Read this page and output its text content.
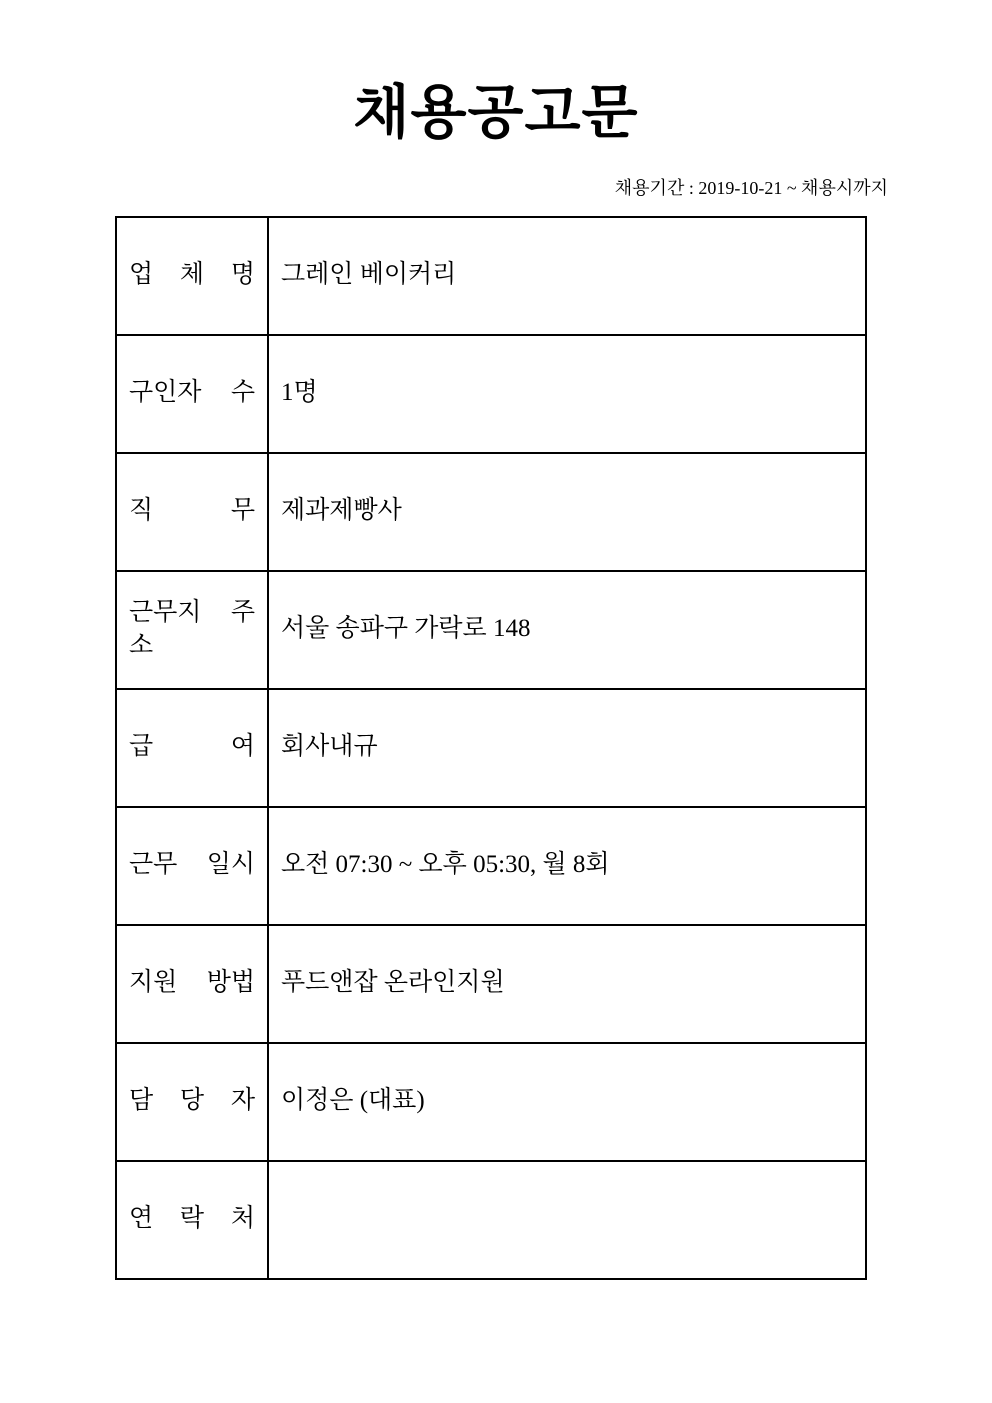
채용공고문
채용기간 : 2019-10-21 ~ 채용시까지
업 체 명	그레인 베이커리
구인자 수	1명
직 무	제과제빵사
근무지 주소	서울 송파구 가락로 148
급 여	회사내규
근무 일시	오전 07:30 ~ 오후 05:30, 월 8회
지원 방법	푸드앤잡 온라인지원
담 당 자	이정은 (대표)
연 락 처	
